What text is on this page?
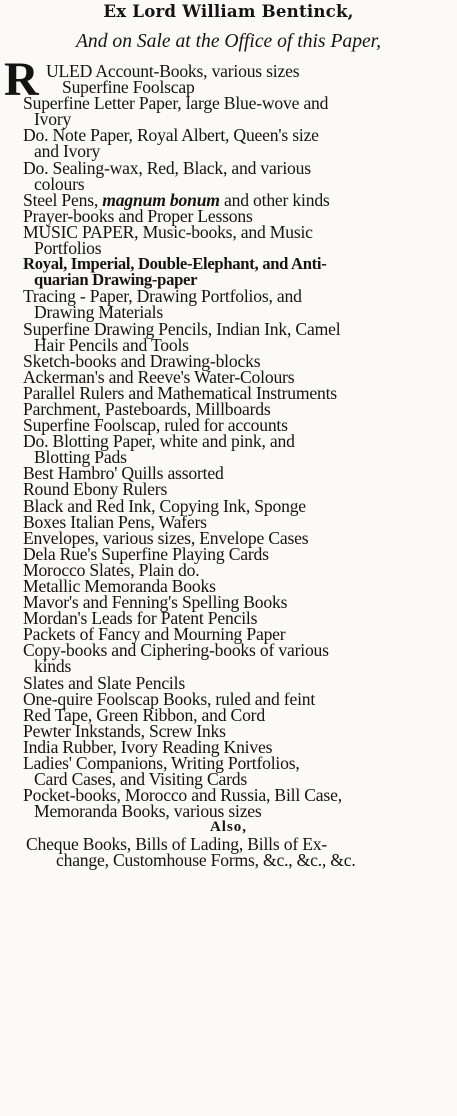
Ex Lord William Bentinck,
And on Sale at the Office of this Paper,
R ULED Account-Books, various sizes
Superfine Foolscap
Superfine Letter Paper, large Blue-wove and
Ivory
Do. Note Paper, Royal Albert, Queen's size
and Ivory
Do. Sealing-wax, Red, Black, and various
colours
Steel Pens, magnum bonum and other kinds
Prayer-books and Proper Lessons
MUSIC PAPER, Music-books, and Music
Portfolios
Royal, Imperial, Double-Elephant, and Anti-
quarian Drawing-paper
Tracing - Paper, Drawing Portfolios, and
Drawing Materials
Superfine Drawing Pencils, Indian Ink, Camel
Hair Pencils and Tools
Sketch-books and Drawing-blocks
Ackerman's and Reeve's Water-Colours
Parallel Rulers and Mathematical Instruments
Parchment, Pasteboards, Millboards
Superfine Foolscap, ruled for accounts
Do. Blotting Paper, white and pink, and
Blotting Pads
Best Hambro' Quills assorted
Round Ebony Rulers
Black and Red Ink, Copying Ink, Sponge
Boxes Italian Pens, Wafers
Envelopes, various sizes, Envelope Cases
Dela Rue's Superfine Playing Cards
Morocco Slates, Plain do.
Metallic Memoranda Books
Mavor's and Fenning's Spelling Books
Mordan's Leads for Patent Pencils
Packets of Fancy and Mourning Paper
Copy-books and Ciphering-books of various
kinds
Slates and Slate Pencils
One-quire Foolscap Books, ruled and feint
Red Tape, Green Ribbon, and Cord
Pewter Inkstands, Screw Inks
India Rubber, Ivory Reading Knives
Ladies' Companions, Writing Portfolios,
Card Cases, and Visiting Cards
Pocket-books, Morocco and Russia, Bill Case,
Memoranda Books, various sizes
Also,
Cheque Books, Bills of Lading, Bills of Ex-
change, Customhouse Forms, &c., &c., &c.
